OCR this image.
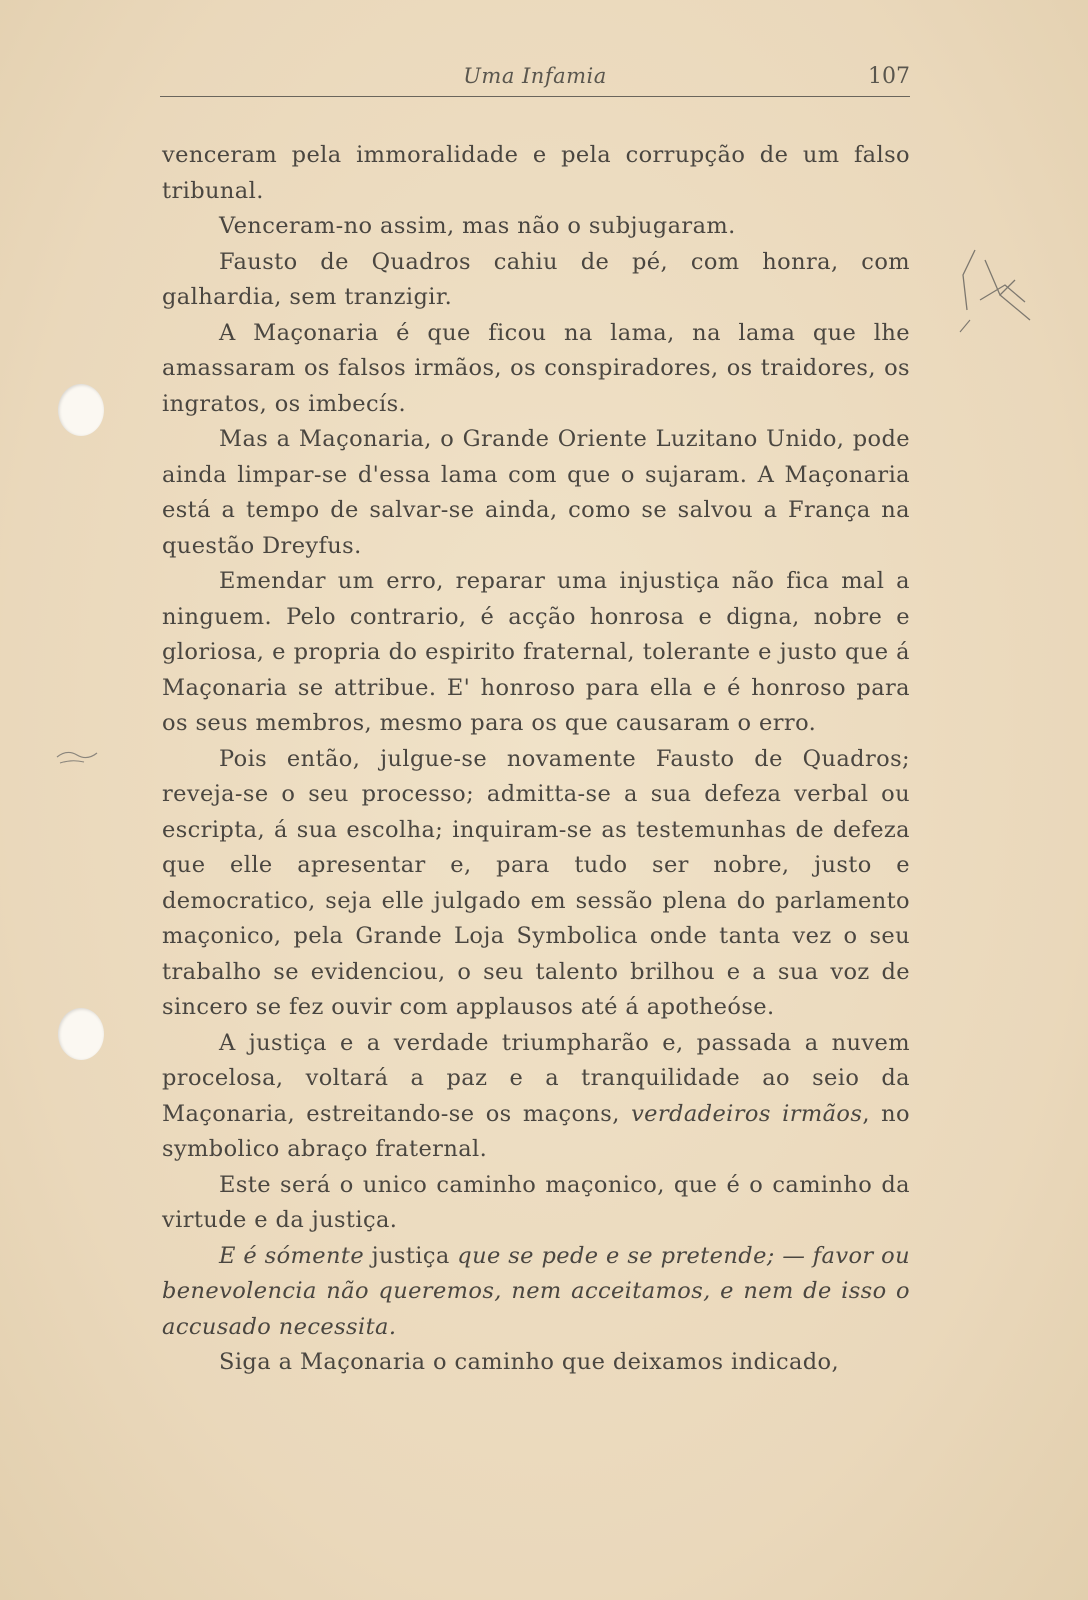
Uma Infamia	107

venceram pela immoralidade e pela corrupção de um falso tribunal.

Venceram-no assim, mas não o subjugaram.

Fausto de Quadros cahiu de pé, com honra, com galhardia, sem tranzigir.

A Maçonaria é que ficou na lama, na lama que lhe amassaram os falsos irmãos, os conspiradores, os traidores, os ingratos, os imbecís.

Mas a Maçonaria, o Grande Oriente Luzitano Unido, pode ainda limpar-se d'essa lama com que o sujaram. A Maçonaria está a tempo de salvar-se ainda, como se salvou a França na questão Dreyfus.

Emendar um erro, reparar uma injustiça não fica mal a ninguem. Pelo contrario, é acção honrosa e digna, nobre e gloriosa, e propria do espirito fraternal, tolerante e justo que á Maçonaria se attribue. E' honroso para ella e é honroso para os seus membros, mesmo para os que causaram o erro.

Pois então, julgue-se novamente Fausto de Quadros; reveja-se o seu processo; admitta-se a sua defeza verbal ou escripta, á sua escolha; inquiram-se as testemunhas de defeza que elle apresentar e, para tudo ser nobre, justo e democratico, seja elle julgado em sessão plena do parlamento maçonico, pela Grande Loja Symbolica onde tanta vez o seu trabalho se evidenciou, o seu talento brilhou e a sua voz de sincero se fez ouvir com applausos até á apotheóse.

A justiça e a verdade triumpharão e, passada a nuvem procelosa, voltará a paz e a tranquilidade ao seio da Maçonaria, estreitando-se os maçons, verdadeiros irmãos, no symbolico abraço fraternal.

Este será o unico caminho maçonico, que é o caminho da virtude e da justiça.

E é sómente justiça que se pede e se pretende; — favor ou benevolencia não queremos, nem acceitamos, e nem de isso o accusado necessita.

Siga a Maçonaria o caminho que deixamos indicado,
